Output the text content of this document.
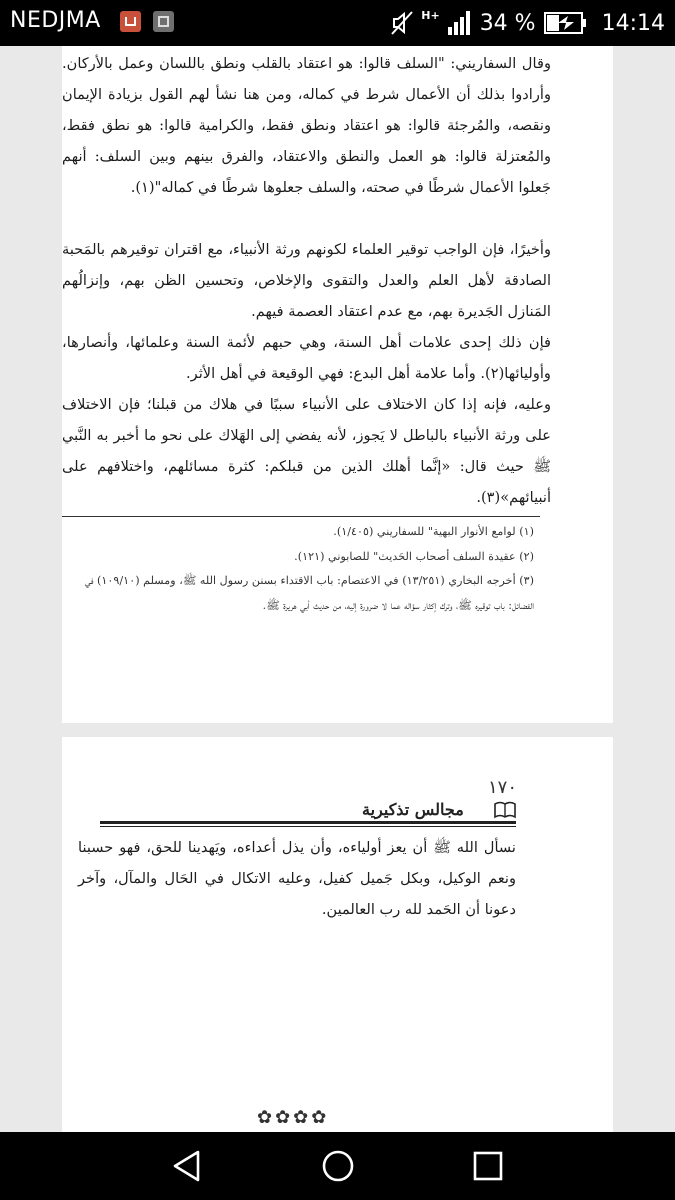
NEDJMA	H+ 34 %	14:14
وقال السفاريني: "السلف قالوا: هو اعتقاد بالقلب ونطق باللسان وعمل بالأركان. وأرادوا بذلك أن الأعمال شرط في كماله، ومن هنا نشأ لهم القول بزيادة الإيمان ونقصه، والمُرجئة قالوا: هو اعتقاد ونطق فقط، والكرامية قالوا: هو نطق فقط، والمُعتزلة قالوا: هو العمل والنطق والاعتقاد، والفرق بينهم وبين السلف: أنهم جَعلوا الأعمال شرطًا في صحته، والسلف جعلوها شرطًا في كماله"(١).
وأخيرًا، فإن الواجب توقير العلماء لكونهم ورثة الأنبياء، مع اقتران توقيرهم بالمَحبة الصادقة لأهل العلم والعدل والتقوى والإخلاص، وتحسين الظن بهم، وإنزالُهم المَنازل الجَديرة بهم، مع عدم اعتقاد العصمة فيهم.
فإن ذلك إحدى علامات أهل السنة، وهي حبهم لأئمة السنة وعلمائها، وأنصارها، وأوليائها(٢). وأما علامة أهل البدع: فهي الوقيعة في أهل الأثر.
وعليه، فإنه إذا كان الاختلاف على الأنبياء سببًا في هلاك من قبلنا؛ فإن الاختلاف على ورثة الأنبياء بالباطل لا يَجوز، لأنه يفضي إلى الهَلاك على نحو ما أخبر به النَّبي ﷺ حيث قال: «إنَّما أهلك الذين من قبلكم: كثرة مسائلهم، واختلافهم على أنبيائهم»(٣).
(١) لوامع الأنوار البهية" للسفاريني (١/٤٠٥).
(٢) عقيدة السلف أصحاب الحَديث" للصابوني (١٢١).
(٣) أخرجه البخاري (١٣/٢٥١) في الاعتصام: باب الاقتداء بسنن رسول الله ﷺ، ومسلم (١٠٩/١٠) في الفضائل: باب توقيره ﷺ، وترك إكثار سؤاله عما لا ضرورة إليه، من حديث أبي هريرة ﷺ.
١٧٠
مجالس تذكيرية
نسأل الله ﷺ أن يعز أولياءه، وأن يذل أعداءه، ويَهدينا للحق، فهو حسبنا ونعم الوكيل، وبكل جَميل كفيل، وعليه الاتكال في الحَال والمآل، وآخر دعونا أن الحَمد لله رب العالمين.
✿✿✿✿
